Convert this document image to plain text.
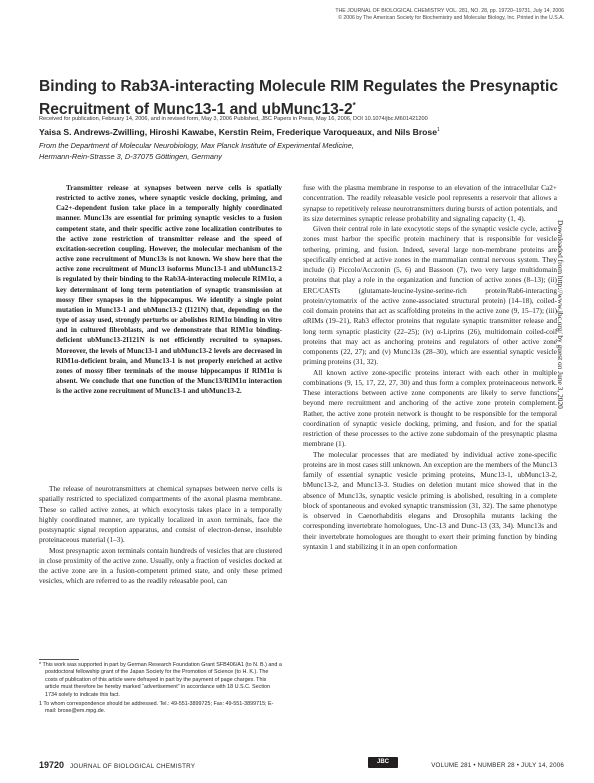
THE JOURNAL OF BIOLOGICAL CHEMISTRY VOL. 281, NO. 28, pp. 19720–19731, July 14, 2006
© 2006 by The American Society for Biochemistry and Molecular Biology, Inc. Printed in the U.S.A.
Binding to Rab3A-interacting Molecule RIM Regulates the Presynaptic Recruitment of Munc13-1 and ubMunc13-2*
Received for publication, February 14, 2006, and in revised form, May 3, 2006 Published, JBC Papers in Press, May 16, 2006, DOI 10.1074/jbc.M601421200
Yaisa S. Andrews-Zwilling, Hiroshi Kawabe, Kerstin Reim, Frederique Varoqueaux, and Nils Brose$^1$
From the Department of Molecular Neurobiology, Max Planck Institute of Experimental Medicine,
Hermann-Rein-Strasse 3, D-37075 Göttingen, Germany

Transmitter release at synapses between nerve cells is spatially restricted to active zones, where synaptic vesicle docking, priming, and Ca2+-dependent fusion take place in a temporally highly coordinated manner. Munc13s are essential for priming synaptic vesicles to a fusion competent state, and their specific active zone localization contributes to the active zone restriction of transmitter release and the speed of excitation-secretion coupling. However, the molecular mechanism of the active zone recruitment of Munc13s is not known. We show here that the active zone recruitment of Munc13 isoforms Munc13-1 and ubMunc13-2 is regulated by their binding to the Rab3A-interacting molecule RIM1α, a key determinant of long term potentiation of synaptic transmission at mossy fiber synapses in the hippocampus. We identify a single point mutation in Munc13-1 and ubMunc13-2 (I121N) that, depending on the type of assay used, strongly perturbs or abolishes RIM1α binding in vitro and in cultured fibroblasts, and we demonstrate that RIM1α binding-deficient ubMunc13-2I121N is not efficiently recruited to synapses. Moreover, the levels of Munc13-1 and ubMunc13-2 levels are decreased in RIM1α-deficient brain, and Munc13-1 is not properly enriched at active zones of mossy fiber terminals of the mouse hippocampus if RIM1α is absent. We conclude that one function of the Munc13/RIM1α interaction is the active zone recruitment of Munc13-1 and ubMunc13-2.

The release of neurotransmitters at chemical synapses between nerve cells is spatially restricted to specialized compartments of the axonal plasma membrane. These so called active zones, at which exocytosis takes place in a temporally highly coordinated manner, are typically localized in axon terminals, face the postsynaptic signal reception apparatus, and consist of electron-dense, insoluble proteinaceous material (1–3).

Most presynaptic axon terminals contain hundreds of vesicles that are clustered in close proximity of the active zone. Usually, only a fraction of vesicles docked at the active zone are in a fusion-competent primed state, and only these primed vesicles, which are referred to as the readily releasable pool, can

fuse with the plasma membrane in response to an elevation of the intracellular Ca2+ concentration. The readily releasable vesicle pool represents a reservoir that allows a synapse to repetitively release neurotransmitters during bursts of action potentials, and its size determines synaptic release probability and signaling capacity (1, 4).

Given their central role in late exocytotic steps of the synaptic vesicle cycle, active zones must harbor the specific protein machinery that is responsible for vesicle tethering, priming, and fusion. Indeed, several large non-membrane proteins are specifically enriched at active zones in the mammalian central nervous system. They include (i) Piccolo/Acczonin (5, 6) and Bassoon (7), two very large multidomain proteins that play a role in the organization and function of active zones (8–13); (ii) ERC/CASTs (glutamate-leucine-lysine-serine-rich protein/Rab6-interacting protein/cytomatrix of the active zone-associated structural protein) (14–18), coiled-coil domain proteins that act as scaffolding proteins in the active zone (9, 15–17); (iii) αRIMs (19–21), Rab3 effector proteins that regulate synaptic transmitter release and long term synaptic plasticity (22–25); (iv) α-Liprins (26), multidomain coiled-coil proteins that may act as anchoring proteins and regulators of other active zone components (22, 27); and (v) Munc13s (28–30), which are essential synaptic vesicle priming proteins (31, 32).

All known active zone-specific proteins interact with each other in multiple combinations (9, 15, 17, 22, 27, 30) and thus form a complex proteinaceous network. These interactions between active zone components are likely to serve functions beyond mere recruitment and anchoring of the active zone protein complement. Rather, the active zone protein network is thought to be responsible for the temporal coordination of synaptic vesicle docking, priming, and fusion, and for the spatial restriction of these processes to the active zone subdomain of the presynaptic plasma membrane (1).

The molecular processes that are mediated by individual active zone-specific proteins are in most cases still unknown. An exception are the members of the Munc13 family of essential synaptic vesicle priming proteins, Munc13-1, ubMunc13-2, bMunc13-2, and Munc13-3. Studies on deletion mutant mice showed that in the absence of Munc13s, synaptic vesicle priming is abolished, resulting in a complete block of spontaneous and evoked synaptic transmission (31, 32). The same phenotype is observed in Caenorhabditis elegans and Drosophila mutants lacking the corresponding invertebrate homologues, Unc-13 and Dunc-13 (33, 34). Munc13s and their invertebrate homologues are thought to exert their priming function by binding syntaxin 1 and stabilizing it in an open conformation

* This work was supported in part by German Research Foundation Grant SFB406/A1 (to N. B.) and a postdoctoral fellowship grant of the Japan Society for the Promotion of Science (to H. K.). The costs of publication of this article were defrayed in part by the payment of page charges. This article must therefore be hereby marked “advertisement” in accordance with 18 U.S.C. Section 1734 solely to indicate this fact.

1 To whom correspondence should be addressed. Tel.: 49-551-3899725; Fax: 49-551-3899715; E-mail: brose@em.mpg.de.

19720 JOURNAL OF BIOLOGICAL CHEMISTRY
JBC	VOLUME 281 • NUMBER 28 • JULY 14, 2006
Downloaded from http://www.jbc.org/ by guest on June 3, 2020
